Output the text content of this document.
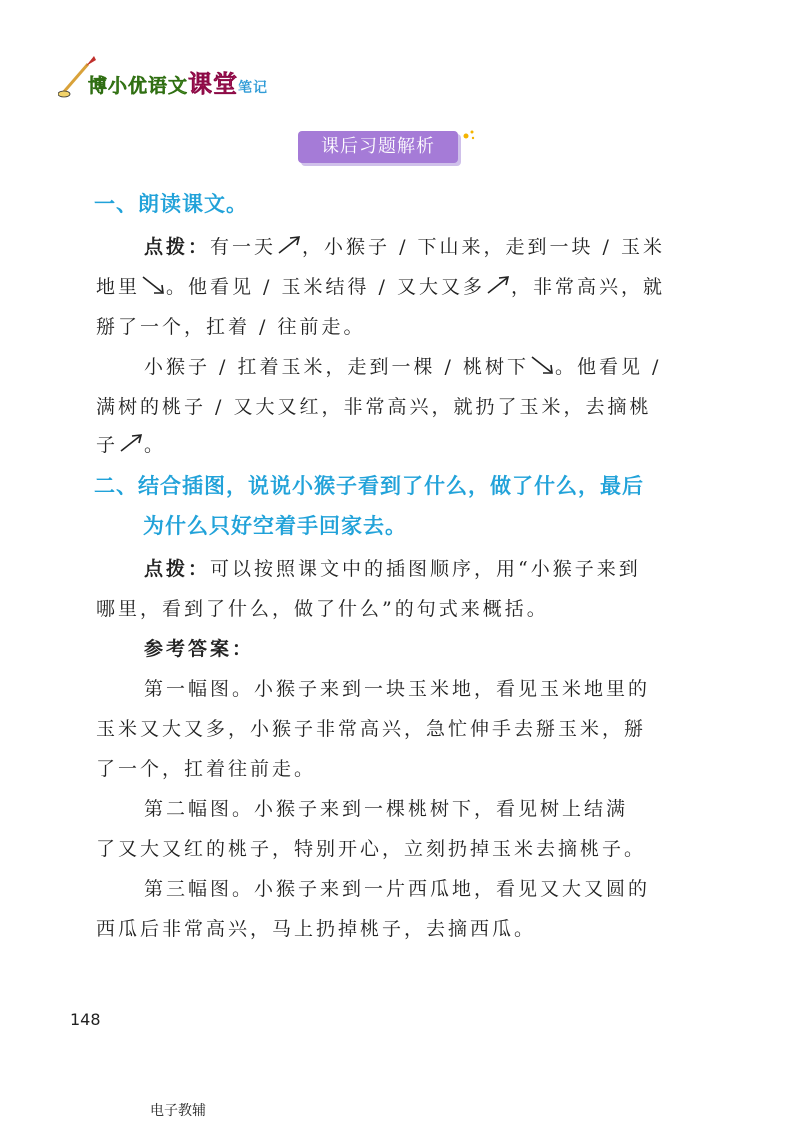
博小优语文课堂笔记
课后习题解析
一、朗读课文。
点拨：有一天 ，小猴子 / 下山来，走到一块 / 玉米
地里 。他看见 / 玉米结得 / 又大又多 ，非常高兴，就
掰了一个，扛着 / 往前走。
小猴子 / 扛着玉米，走到一棵 / 桃树下 。他看见 /
满树的桃子 / 又大又红，非常高兴，就扔了玉米，去摘桃
子 。
二、结合插图，说说小猴子看到了什么，做了什么，最后
为什么只好空着手回家去。
点拨：可以按照课文中的插图顺序，用“小猴子来到
哪里，看到了什么，做了什么”的句式来概括。
参考答案：
第一幅图。小猴子来到一块玉米地，看见玉米地里的
玉米又大又多，小猴子非常高兴，急忙伸手去掰玉米，掰
了一个，扛着往前走。
第二幅图。小猴子来到一棵桃树下，看见树上结满
了又大又红的桃子，特别开心，立刻扔掉玉米去摘桃子。
第三幅图。小猴子来到一片西瓜地，看见又大又圆的
西瓜后非常高兴，马上扔掉桃子，去摘西瓜。
148
电子教辅
